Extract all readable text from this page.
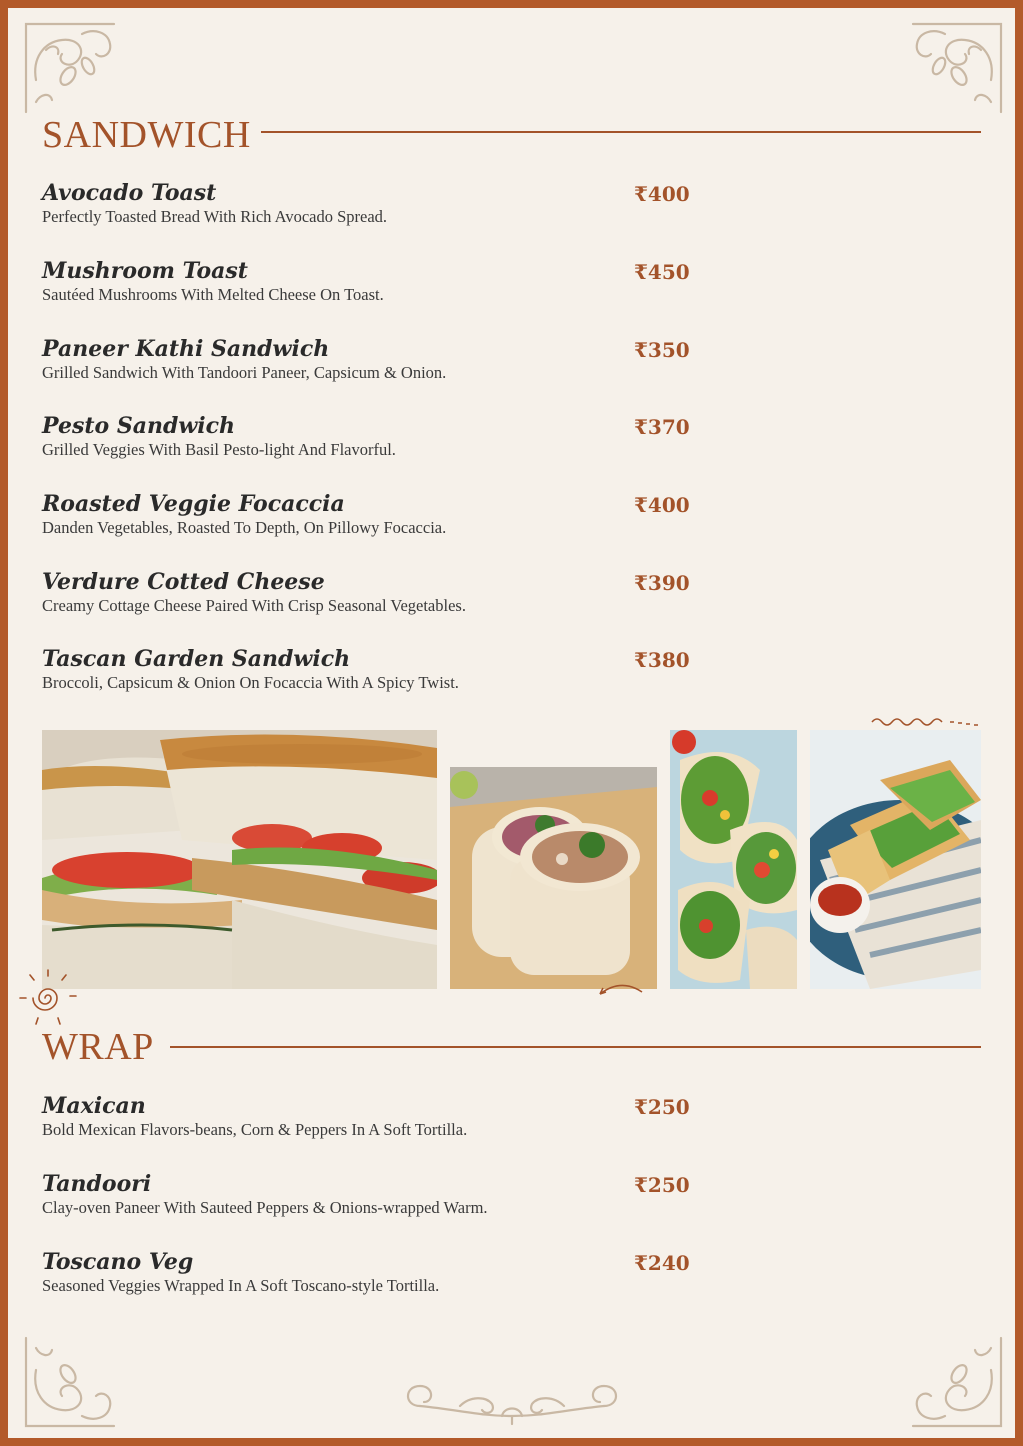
SANDWICH
Avocado Toast
Perfectly Toasted Bread With Rich Avocado Spread.
₹400
Mushroom Toast
Sautéed Mushrooms With Melted Cheese On Toast.
₹450
Paneer Kathi Sandwich
Grilled Sandwich With Tandoori Paneer, Capsicum & Onion.
₹350
Pesto Sandwich
Grilled Veggies With Basil Pesto-light And Flavorful.
₹370
Roasted Veggie Focaccia
Danden Vegetables, Roasted To Depth, On Pillowy Focaccia.
₹400
Verdure Cotted Cheese
Creamy Cottage Cheese Paired With Crisp Seasonal Vegetables.
₹390
Tascan Garden Sandwich
Broccoli, Capsicum & Onion On Focaccia With A Spicy Twist.
₹380
WRAP
Maxican
Bold Mexican Flavors-beans, Corn & Peppers In A Soft Tortilla.
₹250
Tandoori
Clay-oven Paneer With Sauteed Peppers & Onions-wrapped Warm.
₹250
Toscano Veg
Seasoned Veggies Wrapped In A Soft Toscano-style Tortilla.
₹240
